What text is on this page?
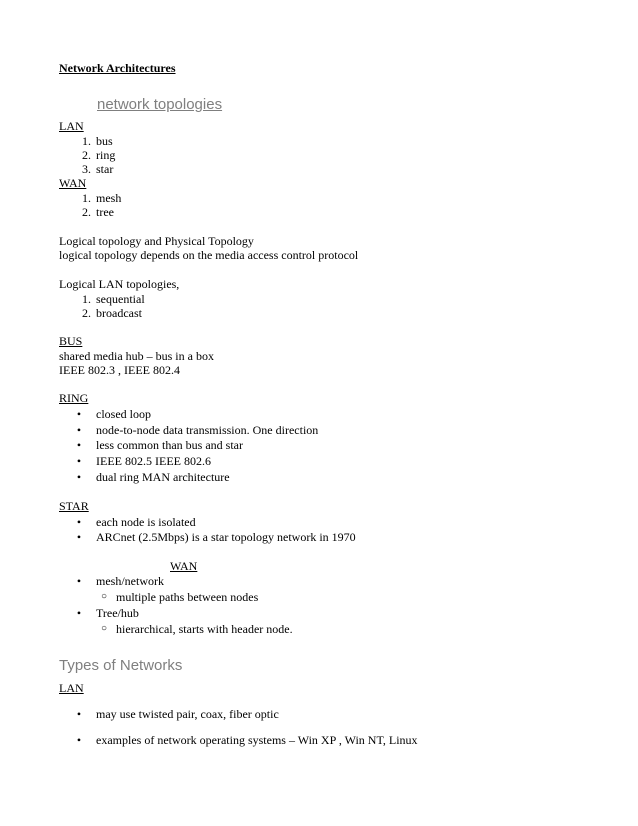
Network Architectures
network topologies
LAN
1. bus
2. ring
3. star
WAN
1. mesh
2. tree
Logical topology and Physical Topology
logical topology depends on the media access control protocol
Logical LAN topologies,
1. sequential
2. broadcast
BUS
shared media hub – bus in a box
IEEE 802.3 , IEEE 802.4
RING
• closed loop
• node-to-node data transmission. One direction
• less common than bus and star
• IEEE 802.5 IEEE 802.6
• dual ring MAN architecture
STAR
• each node is isolated
• ARCnet (2.5Mbps) is a star topology network in 1970
WAN
• mesh/network
○ multiple paths between nodes
• Tree/hub
○ hierarchical, starts with header node.
Types of Networks
LAN
• may use twisted pair, coax, fiber optic
• examples of network operating systems – Win XP , Win NT, Linux
